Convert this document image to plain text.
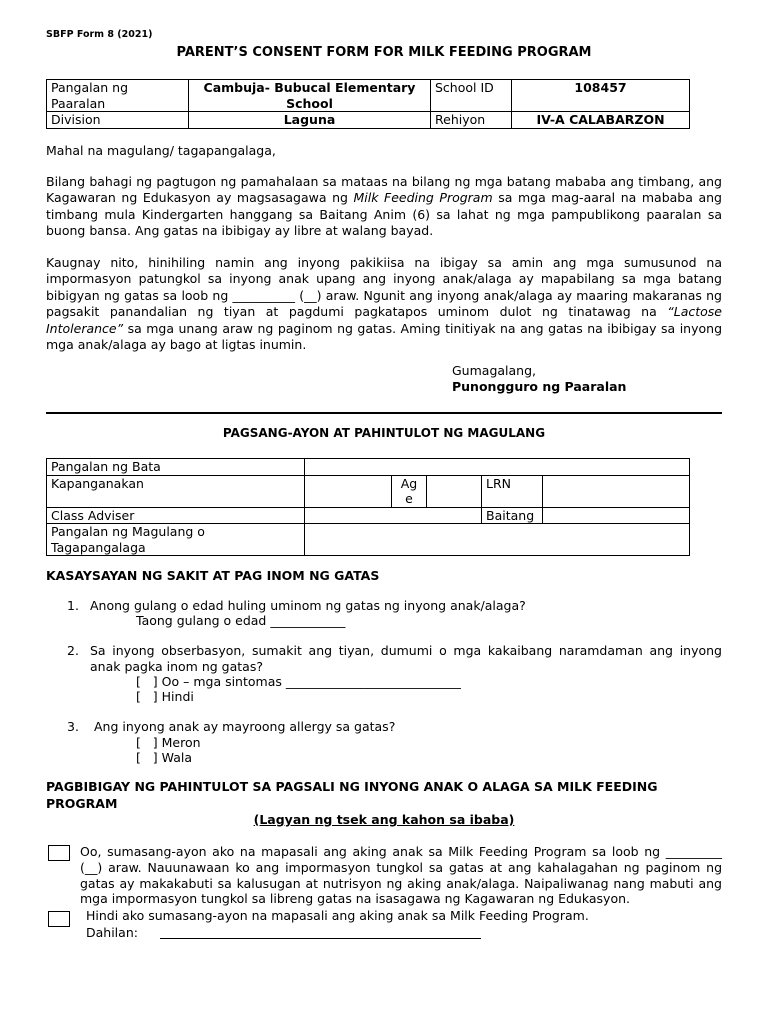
SBFP Form 8 (2021)
PARENT’S CONSENT FORM FOR MILK FEEDING PROGRAM
Pangalan ng Paaralan	Cambuja- Bubucal Elementary School	School ID	108457
Division	Laguna	Rehiyon	IV-A CALABARZON
Mahal na magulang/ tagapangalaga,
Bilang bahagi ng pagtugon ng pamahalaan sa mataas na bilang ng mga batang mababa ang timbang, ang Kagawaran ng Edukasyon ay magsasagawa ng Milk Feeding Program sa mga mag-aaral na mababa ang timbang mula Kindergarten hanggang sa Baitang Anim (6) sa lahat ng mga pampublikong paaralan sa buong bansa. Ang gatas na ibibigay ay libre at walang bayad.
Kaugnay nito, hinihiling namin ang inyong pakikiisa na ibigay sa amin ang mga sumusunod na impormasyon patungkol sa inyong anak upang ang inyong anak/alaga ay mapabilang sa mga batang bibigyan ng gatas sa loob ng __________ (__) araw. Ngunit ang inyong anak/alaga ay maaring makaranas ng pagsakit panandalian ng tiyan at pagdumi pagkatapos uminom dulot ng tinatawag na “Lactose Intolerance” sa mga unang araw ng paginom ng gatas. Aming tinitiyak na ang gatas na ibibigay sa inyong mga anak/alaga ay bago at ligtas inumin.
Gumagalang,
Punongguro ng Paaralan
PAGSANG-AYON AT PAHINTULOT NG MAGULANG
Pangalan ng Bata					
Kapanganakan		Ag e		LRN	
Class Adviser				Baitang	
Pangalan ng Magulang o Tagapangalaga					
KASAYSAYAN NG SAKIT AT PAG INOM NG GATAS
1. Anong gulang o edad huling uminom ng gatas ng inyong anak/alaga?
Taong gulang o edad ____________
2. Sa inyong obserbasyon, sumakit ang tiyan, dumumi o mga kakaibang naramdaman ang inyong anak pagka inom ng gatas?
[   ] Oo – mga sintomas ____________________________
[   ] Hindi
3. Ang inyong anak ay mayroong allergy sa gatas?
[   ] Meron
[   ] Wala
PAGBIBIGAY NG PAHINTULOT SA PAGSALI NG INYONG ANAK O ALAGA SA MILK FEEDING PROGRAM
(Lagyan ng tsek ang kahon sa ibaba)
Oo, sumasang-ayon ako na mapasali ang aking anak sa Milk Feeding Program sa loob ng _________ (__) araw. Nauunawaan ko ang impormasyon tungkol sa gatas at ang kahalagahan ng paginom ng gatas ay makakabuti sa kalusugan at nutrisyon ng aking anak/alaga. Naipaliwanag nang mabuti ang mga impormasyon tungkol sa libreng gatas na isasagawa ng Kagawaran ng Edukasyon.
Hindi ako sumasang-ayon na mapasali ang aking anak sa Milk Feeding Program.
Dahilan:
